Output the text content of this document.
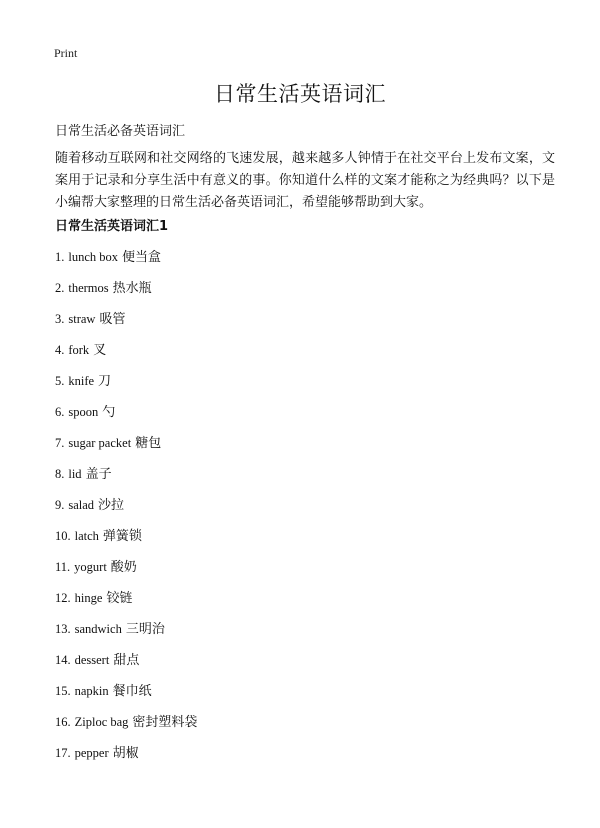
Print
日常生活英语词汇
日常生活必备英语词汇

随着移动互联网和社交网络的飞速发展，越来越多人钟情于在社交平台上发布文案，文案用于记录和分享生活中有意义的事。你知道什么样的文案才能称之为经典吗？以下是小编帮大家整理的日常生活必备英语词汇，希望能够帮助到大家。

日常生活英语词汇1
1. lunch box 便当盒
2. thermos 热水瓶
3. straw 吸管
4. fork 叉
5. knife 刀
6. spoon 勺
7. sugar packet 糖包
8. lid 盖子
9. salad 沙拉
10. latch 弹簧锁
11. yogurt 酸奶
12. hinge 铰链
13. sandwich 三明治
14. dessert 甜点
15. napkin 餐巾纸
16. Ziploc bag 密封塑料袋
17. pepper 胡椒
